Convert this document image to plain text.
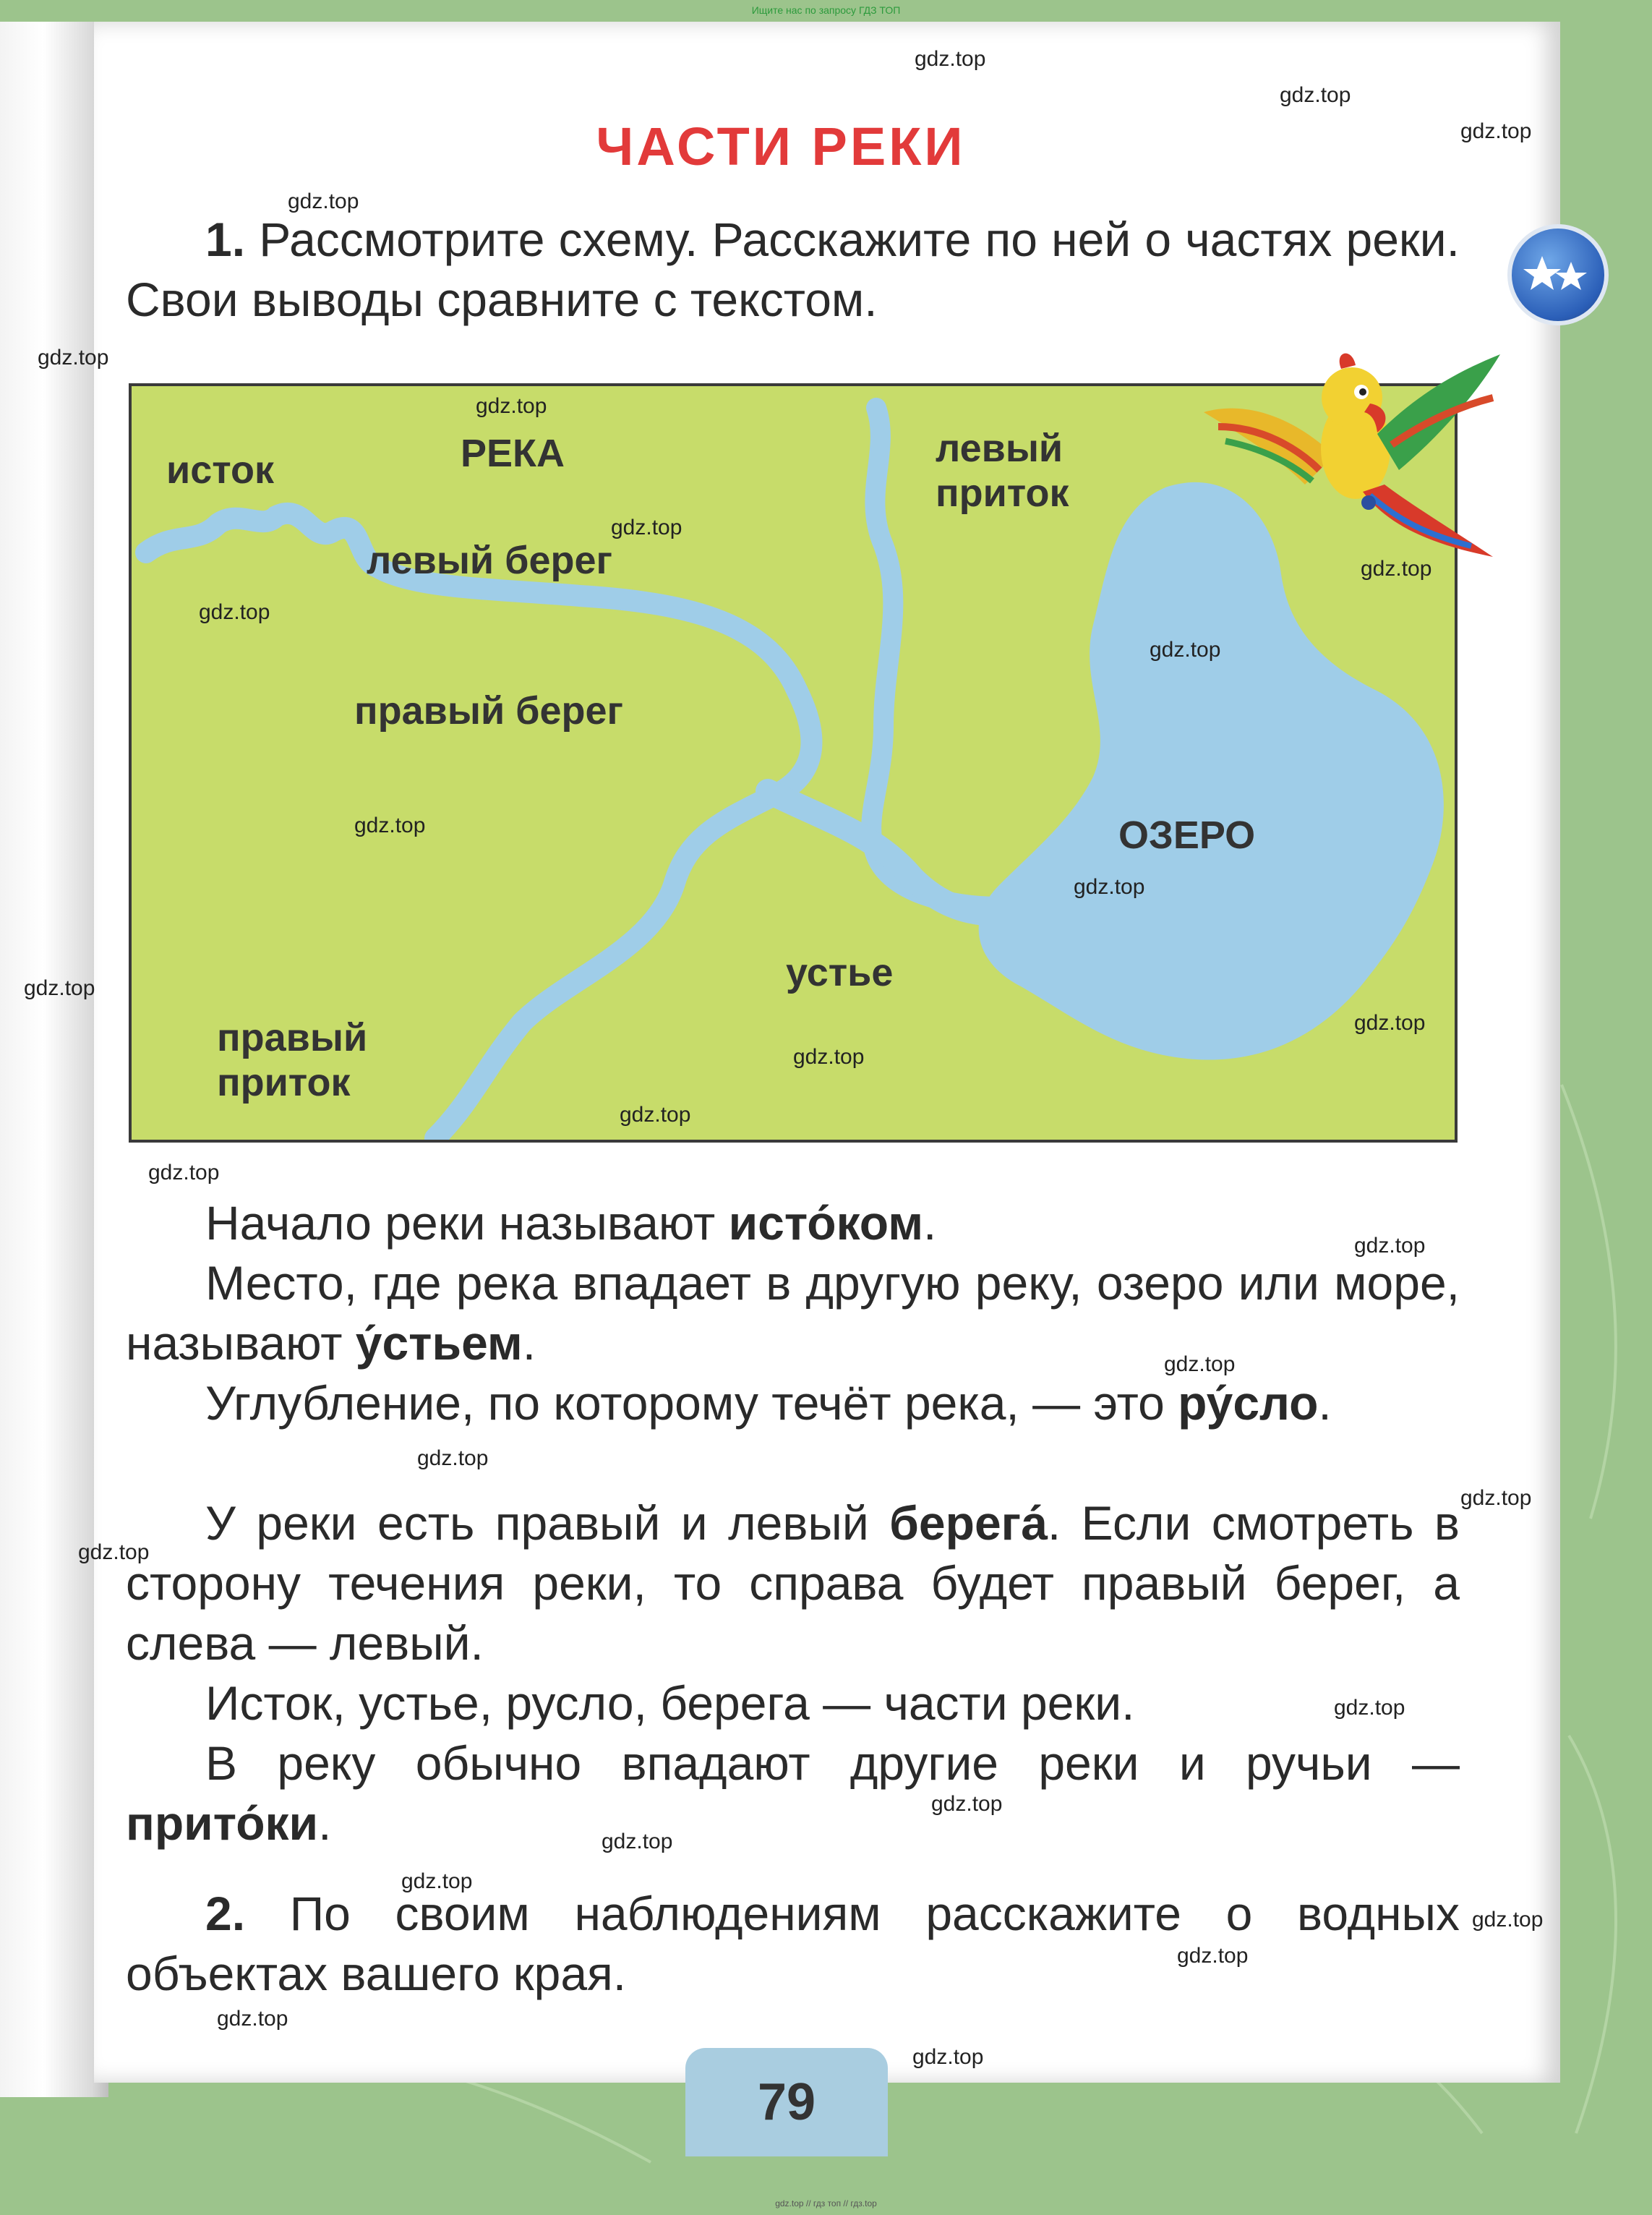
Ищите нас по запросу ГДЗ ТОП
ЧАСТИ РЕКИ
1. Рассмотрите схему. Расскажите по ней о частях реки. Свои выводы сравните с текстом.
исток	РЕКА
левый берег
правый берег
левый
приток
ОЗЕРО
устье
правый
приток
Начало реки называют исто́ком.
Место, где река впадает в другую реку, озеро или море, называют у́стьем.
Углубление, по которому течёт река, — это ру́сло.
У реки есть правый и левый берега́. Если смотреть в сторону течения реки, то справа будет правый берег, а слева — левый.
Исток, устье, русло, берега — части реки.
В реку обычно впадают другие реки и ручьи — прито́ки.
2. По своим наблюдениям расскажите о водных объектах вашего края.
79
gdz.top
gdz.top
gdz.top
gdz.top
gdz.top
gdz.top
gdz.top
gdz.top
gdz.top
gdz.top
gdz.top
gdz.top
gdz.top
gdz.top
gdz.top
gdz.top
gdz.top
gdz.top
gdz.top
gdz.top
gdz.top
gdz.top
gdz.top
gdz.top
gdz.top
gdz.top
gdz.top
gdz.top
gdz.top
gdz.top
gdz.top // гдз топ // гдз.top
